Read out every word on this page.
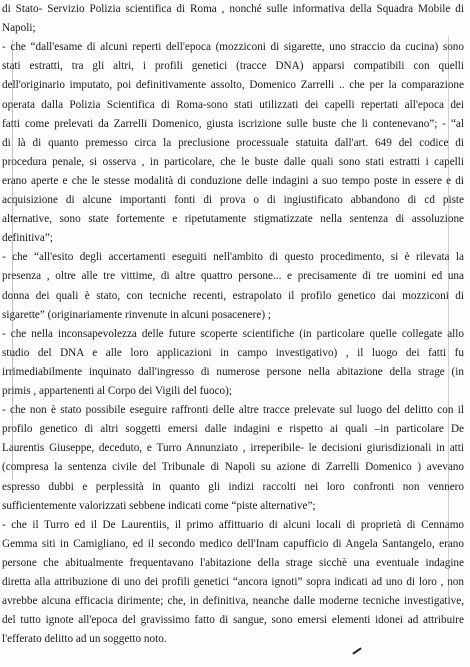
di Stato- Servizio Polizia scientifica di Roma , nonché sulle informativa della Squadra Mobile di
Napoli;
- che “dall'esame di alcuni reperti dell'epoca (mozziconi di sigarette, uno straccio da cucina) sono
stati estratti, tra gli altri, i profili genetici (tracce DNA) apparsi compatibili con quelli
dell'originario imputato, poi definitivamente assolto, Domenico Zarrelli .. che per la comparazione
operata dalla Polizia Scientifica di Roma-sono stati utilizzati dei capelli repertati all'epoca dei
fatti come prelevati da Zarrelli Domenico, giusta iscrizione sulle buste che li contenevano”; - “al
di là di quanto premesso circa la preclusione processuale statuita dall'art. 649 del codice di
procedura penale, si osserva , in particolare, che le buste dalle quali sono stati estratti i capelli
erano aperte e che le stesse modalità di conduzione delle indagini a suo tempo poste in essere e di
acquisizione di alcune importanti fonti di prova o di ingiustificato abbandono di cd piste
alternative, sono state fortemente e ripetutamente stigmatizzate nella sentenza di assoluzione
definitiva”;
- che “all'esito degli accertamenti eseguiti nell'ambito di questo procedimento, si è rilevata la
presenza , oltre alle tre vittime, di altre quattro persone... e precisamente di tre uomini ed una
donna dei quali è stato, con tecniche recenti, estrapolato il profilo genetico dai mozziconi di
sigarette” (originariamente rinvenute in alcuni posacenere) ;
- che nella inconsapevolezza delle future scoperte scientifiche (in particolare quelle collegate allo
studio del DNA e alle loro applicazioni in campo investigativo) , il luogo dei fatti fu
irrimediabilmente inquinato dall'ingresso di numerose persone nella abitazione della strage (in
primis , appartenenti al Corpo dei Vigili del fuoco);
- che non è stato possibile eseguire raffronti delle altre tracce prelevate sul luogo del delitto con il
profilo genetico di altri soggetti emersi dalle indagini e rispetto ai quali –in particolare De
Laurentis Giuseppe, deceduto, e Turro Annunziato , irreperibile- le decisioni giurisdizionali in atti
(compresa la sentenza civile del Tribunale di Napoli su azione di Zarrelli Domenico ) avevano
espresso dubbi e perplessità in quanto gli indizi raccolti nei loro confronti non vennero
sufficientemente valorizzati sebbene indicati come “piste alternative”;
- che il Turro ed il De Laurentiis, il primo affittuario di alcuni locali di proprietà di Cennamo
Gemma siti in Camigliano, ed il secondo medico dell'Inam capufficio di Angela Santangelo, erano
persone che abitualmente frequentavano l'abitazione della strage sicchè una eventuale indagine
diretta alla attribuzione di uno dei profili genetici “ancora ignoti” sopra indicati ad uno di loro , non
avrebbe alcuna efficacia dirimente; che, in definitiva, neanche dalle moderne tecniche investigative,
del tutto ignote all'epoca del gravissimo fatto di sangue, sono emersi elementi idonei ad attribuire
l'efferato delitto ad un soggetto noto.
